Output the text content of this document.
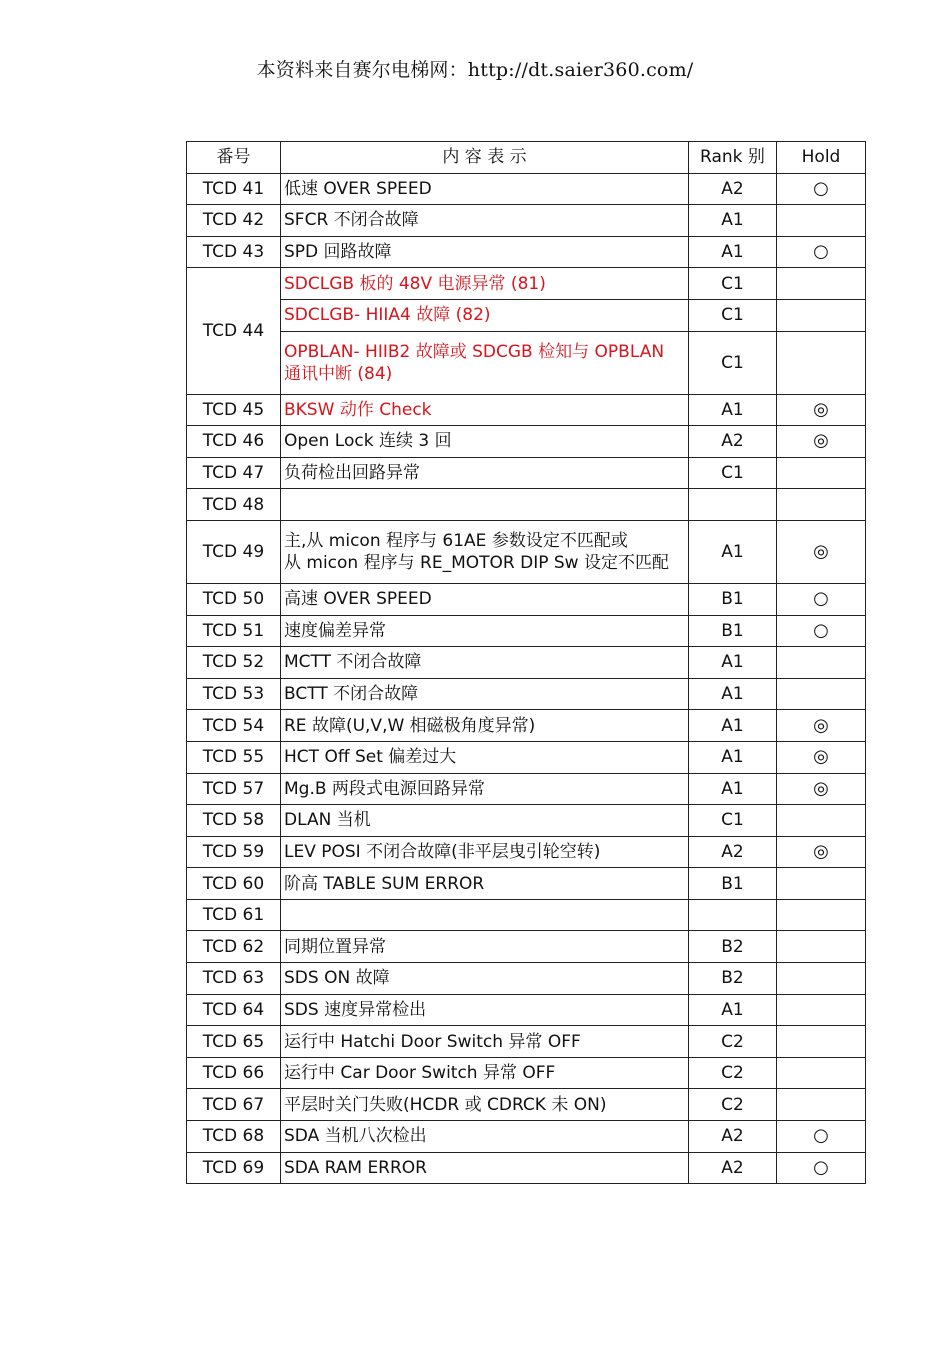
本资料来自赛尔电梯网：http://dt.saier360.com/
番号	内 容 表 示	Rank 别	Hold
TCD 41	低速 OVER SPEED	A2	○
TCD 42	SFCR 不闭合故障	A1	
TCD 43	SPD 回路故障	A1	○
TCD 44	SDCLGB 板的 48V 电源异常 (81)	C1	
	SDCLGB- HIIA4 故障 (82)	C1	
	OPBLAN- HIIB2 故障或 SDCGB 检知与 OPBLAN 通讯中断 (84)	C1	
TCD 45	BKSW 动作 Check	A1	◎
TCD 46	Open Lock 连续 3 回	A2	◎
TCD 47	负荷检出回路异常	C1	
TCD 48			
TCD 49	主,从 micon 程序与 61AE 参数设定不匹配或
从 micon 程序与 RE_MOTOR DIP Sw 设定不匹配	A1	◎
TCD 50	高速 OVER SPEED	B1	○
TCD 51	速度偏差异常	B1	○
TCD 52	MCTT 不闭合故障	A1	
TCD 53	BCTT 不闭合故障	A1	
TCD 54	RE 故障(U,V,W 相磁极角度异常)	A1	◎
TCD 55	HCT Off Set 偏差过大	A1	◎
TCD 57	Mg.B 两段式电源回路异常	A1	◎
TCD 58	DLAN 当机	C1	
TCD 59	LEV POSI 不闭合故障(非平层曳引轮空转)	A2	◎
TCD 60	阶高 TABLE SUM ERROR	B1	
TCD 61			
TCD 62	同期位置异常	B2	
TCD 63	SDS ON 故障	B2	
TCD 64	SDS 速度异常检出	A1	
TCD 65	运行中 Hatchi Door Switch 异常 OFF	C2	
TCD 66	运行中 Car Door Switch 异常 OFF	C2	
TCD 67	平层时关门失败(HCDR 或 CDRCK 未 ON)	C2	
TCD 68	SDA 当机八次检出	A2	○
TCD 69	SDA RAM ERROR	A2	○
